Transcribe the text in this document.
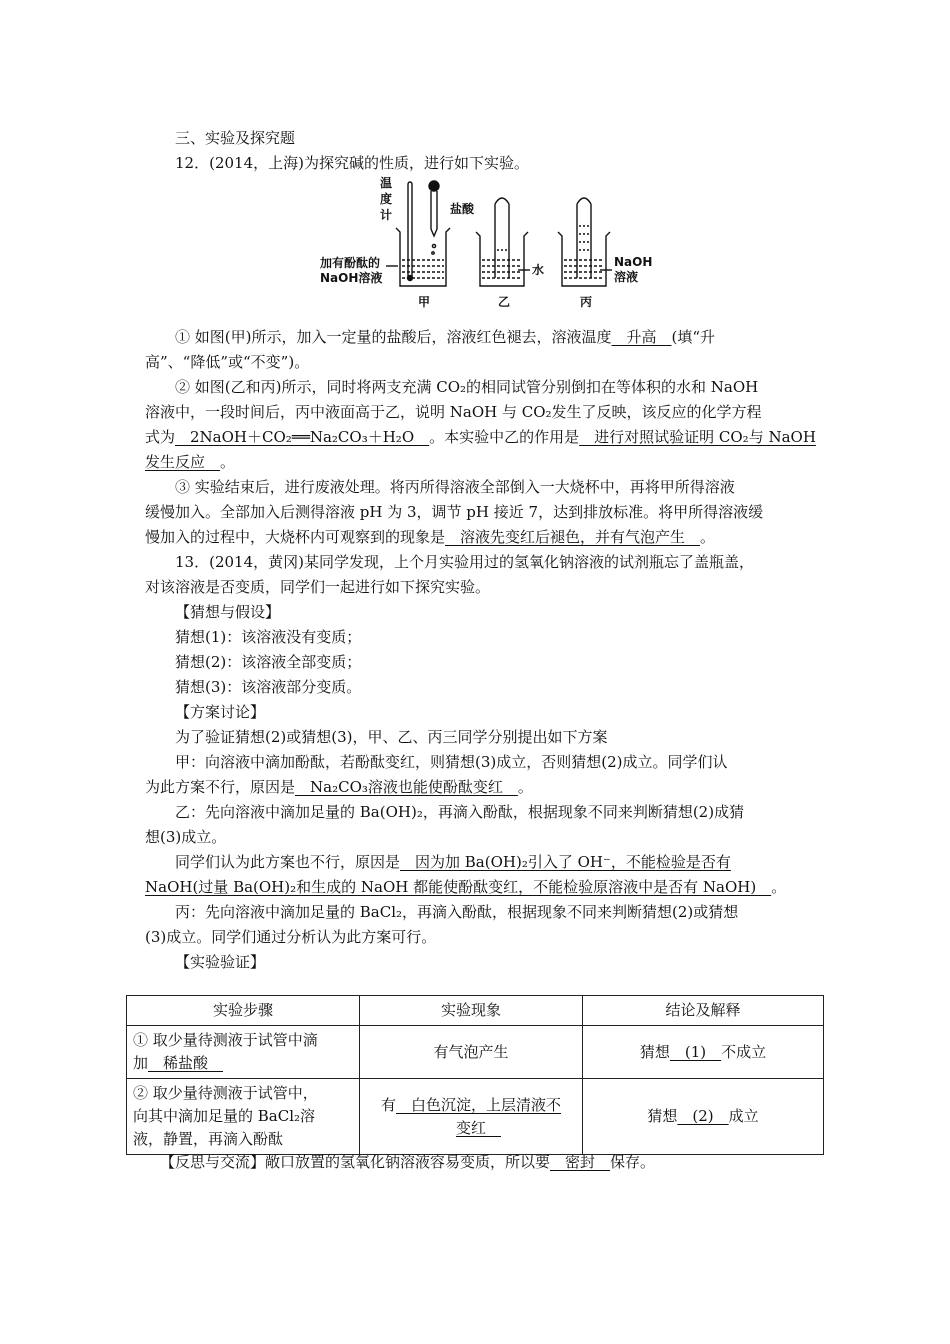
三、实验及探究题
12．(2014，上海)为探究碱的性质，进行如下实验。
温
度
计	盐酸
加有酚酞的
NaOH溶液
水
NaOH
溶液
甲	乙	丙
① 如图(甲)所示，加入一定量的盐酸后，溶液红色褪去，溶液温度　升高　(填“升
高”、“降低”或“不变”)。
② 如图(乙和丙)所示，同时将两支充满 CO₂的相同试管分别倒扣在等体积的水和 NaOH
溶液中，一段时间后，丙中液面高于乙，说明 NaOH 与 CO₂发生了反映，该反应的化学方程
式为　2NaOH＋CO₂══Na₂CO₃＋H₂O　。本实验中乙的作用是　进行对照试验证明 CO₂与 NaOH
发生反应　。
③ 实验结束后，进行废液处理。将丙所得溶液全部倒入一大烧杯中，再将甲所得溶液
缓慢加入。全部加入后测得溶液 pH 为 3，调节 pH 接近 7，达到排放标准。将甲所得溶液缓
慢加入的过程中，大烧杯内可观察到的现象是　溶液先变红后褪色，并有气泡产生　。
13．(2014，黄冈)某同学发现，上个月实验用过的氢氧化钠溶液的试剂瓶忘了盖瓶盖，
对该溶液是否变质，同学们一起进行如下探究实验。
【猜想与假设】
猜想(1)：该溶液没有变质；
猜想(2)：该溶液全部变质；
猜想(3)：该溶液部分变质。
【方案讨论】
为了验证猜想(2)或猜想(3)，甲、乙、丙三同学分别提出如下方案
甲：向溶液中滴加酚酞，若酚酞变红，则猜想(3)成立，否则猜想(2)成立。同学们认
为此方案不行，原因是　Na₂CO₃溶液也能使酚酞变红　。
乙：先向溶液中滴加足量的 Ba(OH)₂，再滴入酚酞，根据现象不同来判断猜想(2)成猜
想(3)成立。
同学们认为此方案也不行，原因是　因为加 Ba(OH)₂引入了 OH⁻，不能检验是否有
NaOH(过量 Ba(OH)₂和生成的 NaOH 都能使酚酞变红，不能检验原溶液中是否有 NaOH)　。
丙：先向溶液中滴加足量的 BaCl₂，再滴入酚酞，根据现象不同来判断猜想(2)或猜想
(3)成立。同学们通过分析认为此方案可行。
【实验验证】
实验步骤	实验现象	结论及解释
① 取少量待测液于试管中滴
加　稀盐酸　	有气泡产生	猜想　(1)　不成立
② 取少量待测液于试管中，
向其中滴加足量的 BaCl₂溶
液，静置，再滴入酚酞	有　白色沉淀，上层清液不
变红　	猜想　(2)　成立
【反思与交流】敞口放置的氢氧化钠溶液容易变质，所以要　密封　保存。
